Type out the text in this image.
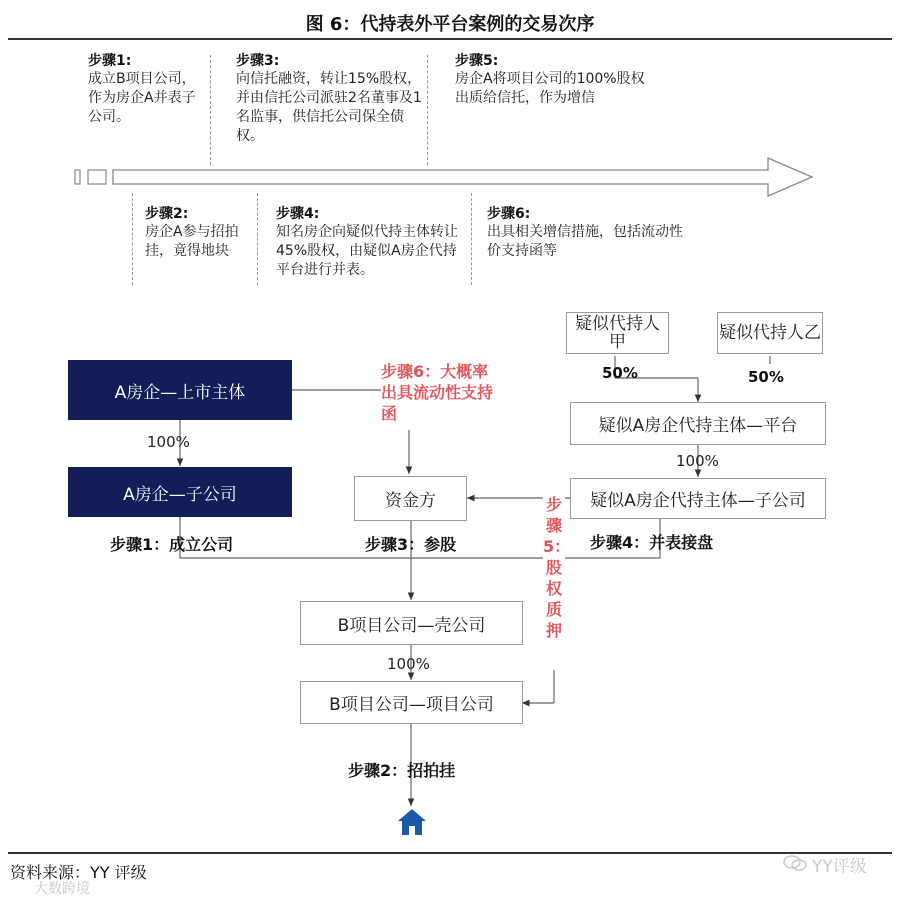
图 6：代持表外平台案例的交易次序
步骤1:
成立B项目公司，作为房企A并表子公司。
步骤3:
向信托融资，转让15%股权，并由信托公司派驻2名董事及1名监事，供信托公司保全债权。
步骤5:
房企A将项目公司的100%股权出质给信托，作为增信
步骤2:
房企A参与招拍挂，竟得地块
步骤4:
知名房企向疑似代持主体转让45%股权，由疑似A房企代持平台进行并表。
步骤6:
出具相关增信措施，包括流动性价支持函等
疑似代持人甲	疑似代持人乙
A房企—上市主体
A房企—子公司
疑似A房企代持主体—平台
疑似A房企代持主体—子公司
资金方
B项目公司—壳公司
B项目公司—项目公司
100%
50%	50%
100%
100%
步骤6：大概率出具流动性支持函
步骤5：股权质押
步骤1：成立公司	步骤3：参股	步骤4：并表接盘
步骤2：招拍挂
资料来源：YY 评级	YY评级
大数跨境
